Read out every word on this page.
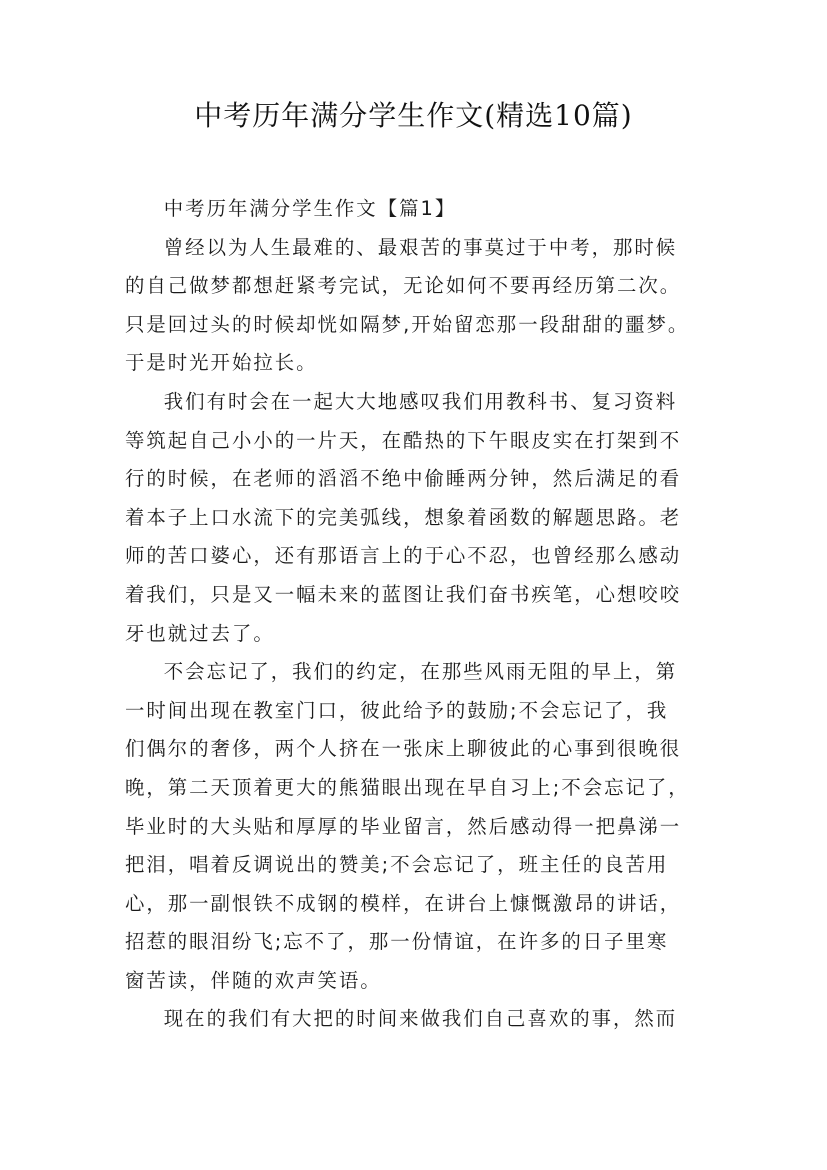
中考历年满分学生作文(精选10篇)

中考历年满分学生作文【篇1】

曾经以为人生最难的、最艰苦的事莫过于中考，那时候
的自己做梦都想赶紧考完试，无论如何不要再经历第二次。
只是回过头的时候却恍如隔梦,开始留恋那一段甜甜的噩梦。
于是时光开始拉长。

我们有时会在一起大大地感叹我们用教科书、复习资料
等筑起自己小小的一片天，在酷热的下午眼皮实在打架到不
行的时候，在老师的滔滔不绝中偷睡两分钟，然后满足的看
着本子上口水流下的完美弧线，想象着函数的解题思路。老
师的苦口婆心，还有那语言上的于心不忍，也曾经那么感动
着我们，只是又一幅未来的蓝图让我们奋书疾笔，心想咬咬
牙也就过去了。

不会忘记了，我们的约定，在那些风雨无阻的早上，第
一时间出现在教室门口，彼此给予的鼓励;不会忘记了，我
们偶尔的奢侈，两个人挤在一张床上聊彼此的心事到很晚很
晚，第二天顶着更大的熊猫眼出现在早自习上;不会忘记了，
毕业时的大头贴和厚厚的毕业留言，然后感动得一把鼻涕一
把泪，唱着反调说出的赞美;不会忘记了，班主任的良苦用
心，那一副恨铁不成钢的模样，在讲台上慷慨激昂的讲话，
招惹的眼泪纷飞;忘不了，那一份情谊，在许多的日子里寒
窗苦读，伴随的欢声笑语。

现在的我们有大把的时间来做我们自己喜欢的事，然而
